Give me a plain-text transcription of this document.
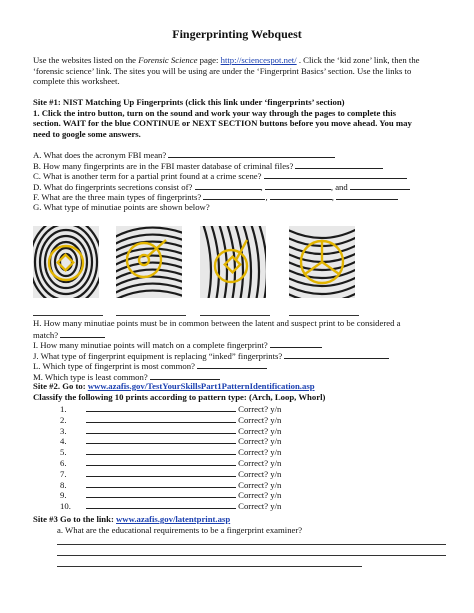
Fingerprinting Webquest
Use the websites listed on the Forensic Science page: http://sciencespot.net/ . Click the ‘kid zone’ link, then the
‘forensic science’ link. The sites you will be using are under the ‘Fingerprint Basics’ section. Use the links to
complete this worksheet.
Site #1: NIST Matching Up Fingerprints (click this link under ‘fingerprints’ section)
1. Click the intro button, turn on the sound and work your way through the pages to complete this
section. WAIT for the blue CONTINUE or NEXT SECTION buttons before you move ahead. You may
need to google some answers.
A. What does the acronym FBI mean?
B. How many fingerprints are in the FBI master database of criminal files?
C. What is another term for a partial print found at a crime scene?
D. What do fingerprints secretions consist of?	,	, and
F. What are the three main types of fingerprints?	,	,
G. What type of minutiae points are shown below?
H. How many minutiae points must be in common between the latent and suspect print to be considered a
match?
I. How many minutiae points will match on a complete fingerprint?
J. What type of fingerprint equipment is replacing “inked” fingerprints?
L. Which type of fingerprint is most common?
M. Which type is least common?
Site #2. Go to: www.azafis.gov/TestYourSkillsPart1PatternIdentification.asp
Classify the following 10 prints according to pattern type: (Arch, Loop, Whorl)
1.	Correct? y/n
2.	Correct? y/n
3.	Correct? y/n
4.	Correct? y/n
5.	Correct? y/n
6.	Correct? y/n
7.	Correct? y/n
8.	Correct? y/n
9.	Correct? y/n
10.	Correct? y/n
Site #3 Go to the link: www.azafis.gov/latentprint.asp
a. What are the educational requirements to be a fingerprint examiner?
